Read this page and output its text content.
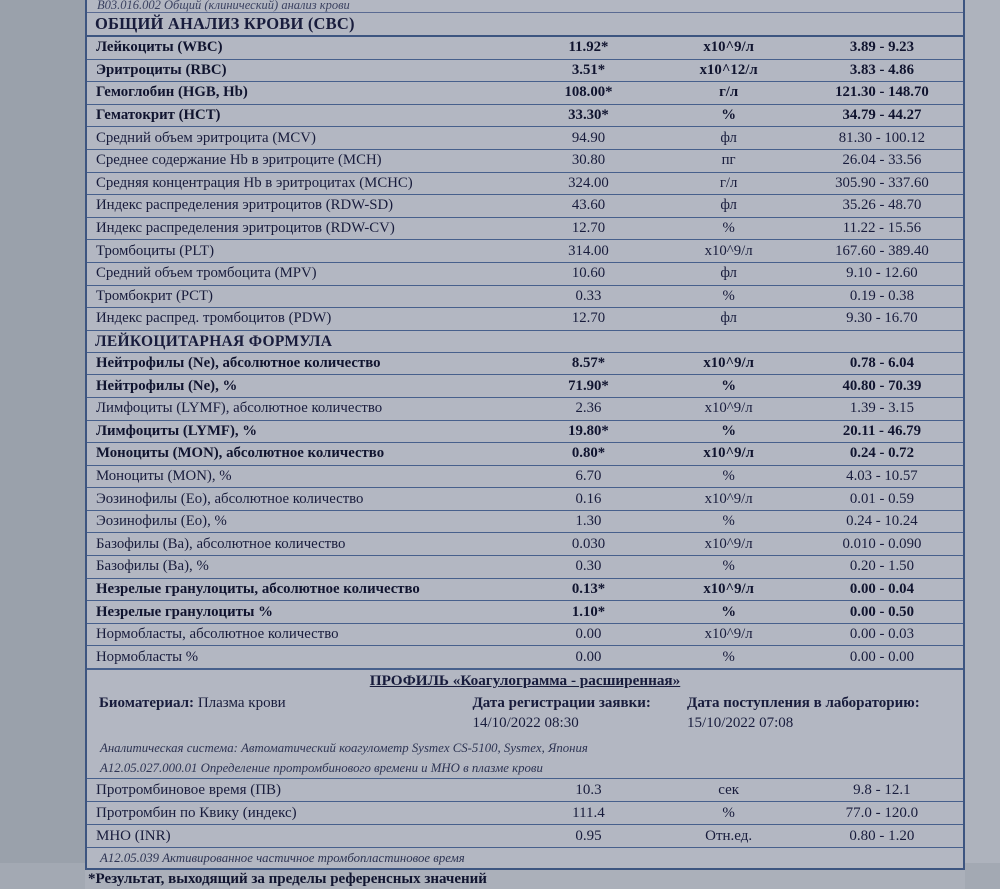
B03.016.002 Общий (клинический) анализ крови
ОБЩИЙ АНАЛИЗ КРОВИ (CBC)
Лейкоциты (WBC)	11.92*	x10^9/л	3.89 - 9.23
Эритроциты (RBC)	3.51*	x10^12/л	3.83 - 4.86
Гемоглобин (HGB, Hb)	108.00*	г/л	121.30 - 148.70
Гематокрит (HCT)	33.30*	%	34.79 - 44.27
Средний объем эритроцита (MCV)	94.90	фл	81.30 - 100.12
Среднее содержание Hb в эритроците (MCH)	30.80	пг	26.04 - 33.56
Средняя концентрация Hb в эритроцитах (MCHC)	324.00	г/л	305.90 - 337.60
Индекс распределения эритроцитов (RDW-SD)	43.60	фл	35.26 - 48.70
Индекс распределения эритроцитов (RDW-CV)	12.70	%	11.22 - 15.56
Тромбоциты (PLT)	314.00	x10^9/л	167.60 - 389.40
Средний объем тромбоцита (MPV)	10.60	фл	9.10 - 12.60
Тромбокрит (PCT)	0.33	%	0.19 - 0.38
Индекс распред. тромбоцитов (PDW)	12.70	фл	9.30 - 16.70
ЛЕЙКОЦИТАРНАЯ ФОРМУЛА
Нейтрофилы (Ne), абсолютное количество	8.57*	x10^9/л	0.78 - 6.04
Нейтрофилы (Ne), %	71.90*	%	40.80 - 70.39
Лимфоциты (LYMF), абсолютное количество	2.36	x10^9/л	1.39 - 3.15
Лимфоциты (LYMF), %	19.80*	%	20.11 - 46.79
Моноциты (MON), абсолютное количество	0.80*	x10^9/л	0.24 - 0.72
Моноциты (MON), %	6.70	%	4.03 - 10.57
Эозинофилы (Eo), абсолютное количество	0.16	x10^9/л	0.01 - 0.59
Эозинофилы (Eo), %	1.30	%	0.24 - 10.24
Базофилы (Ba), абсолютное количество	0.030	x10^9/л	0.010 - 0.090
Базофилы (Ba), %	0.30	%	0.20 - 1.50
Незрелые гранулоциты, абсолютное количество	0.13*	x10^9/л	0.00 - 0.04
Незрелые гранулоциты %	1.10*	%	0.00 - 0.50
Нормобласты, абсолютное количество	0.00	x10^9/л	0.00 - 0.03
Нормобласты %	0.00	%	0.00 - 0.00
ПРОФИЛЬ «Коагулограмма - расширенная»
Биоматериал: Плазма крови	Дата регистрации заявки:
14/10/2022 08:30
Дата поступления в лабораторию:
15/10/2022 07:08
Аналитическая система: Автоматический коагулометр Sysmex CS-5100, Sysmex, Япония
A12.05.027.000.01 Определение протромбинового времени и МНО в плазме крови
Протромбиновое время (ПВ)	10.3	сек	9.8 - 12.1
Протромбин по Квику (индекс)	111.4	%	77.0 - 120.0
МНО (INR)	0.95	Отн.ед.	0.80 - 1.20
A12.05.039 Активированное частичное тромбопластиновое время
*Результат, выходящий за пределы референсных значений
